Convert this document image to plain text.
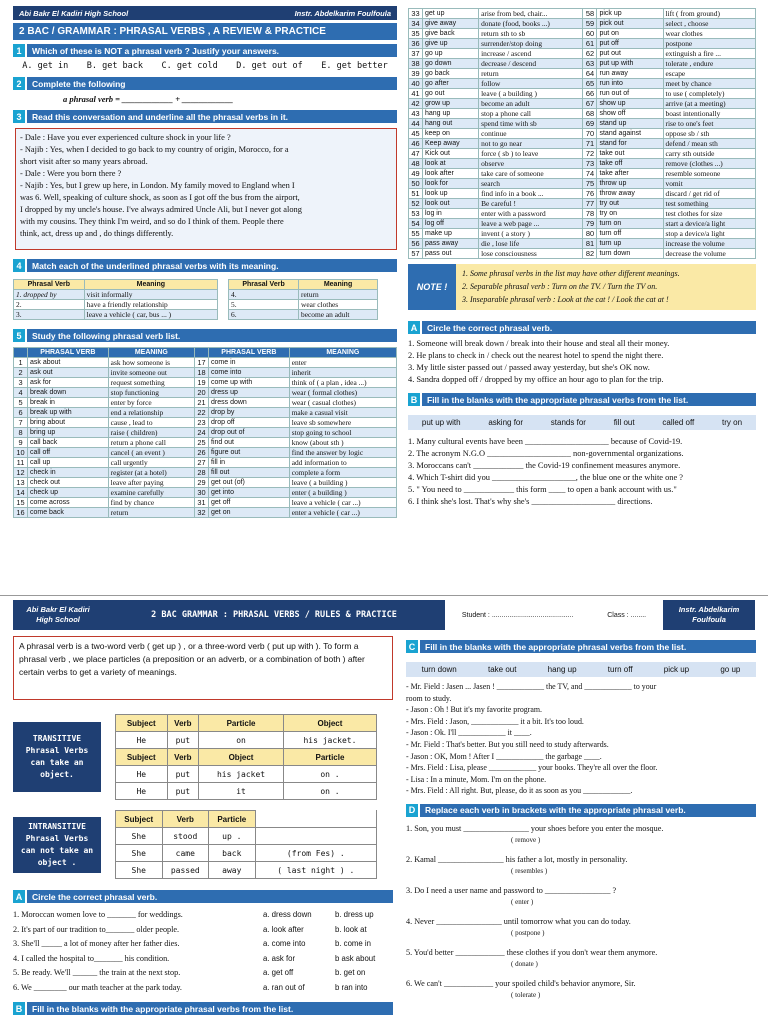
Abi Bakr El Kadiri High School	Instr. Abdelkarim Foulfoula
2 BAC / GRAMMAR : PHRASAL VERBS , A REVIEW & PRACTICE
1	Which of these is NOT a phrasal verb ? Justify your answers.
A. get in B. get back C. get cold D. get out of E. get better
2	Complete the following
a phrasal verb = ____________ + ____________
3	Read this conversation and underline all the phrasal verbs in it.
- Dale : Have you ever experienced culture shock in your life ?
- Najib : Yes, when I decided to go back to my country of origin, Morocco, for a
short visit after so many years abroad.
- Dale : Were you born there ?
- Najib : Yes, but I grew up here, in London. My family moved to England when I
was 6. Well, speaking of culture shock, as soon as I got off the bus from the airport,
I dropped by my uncle's house. I've always admired Uncle Ali, but I never got along
with my cousins. They think I'm weird, and so do I think of them. People there
think, act, dress up and , do things differently.
4	Match each of the underlined phrasal verbs with its meaning.
Phrasal Verb	Meaning
1. dropped by	visit informally
2.	have a friendly relationship
3.	leave a vehicle ( car, bus ... )
Phrasal Verb	Meaning
4.	return
5.	wear clothes
6.	become an adult
5	Study the following phrasal verb list.
	PHRASAL VERB	MEANING		PHRASAL VERB	MEANING
1	ask about	ask how someone is	17	come in	enter
2	ask out	invite someone out	18	come into	inherit
3	ask for	request something	19	come up with	think of ( a plan , idea ...)
4	break down	stop functioning	20	dress up	wear ( formal clothes)
5	break in	enter by force	21	dress down	wear ( casual clothes)
6	break up with	end a relationship	22	drop by	make a casual visit
7	bring about	cause , lead to	23	drop off	leave sb somewhere
8	bring up	raise ( children)	24	drop out of	stop going to school
9	call back	return a phone call	25	find out	know (about sth )
10	call off	cancel ( an event )	26	figure out	find the answer by logic
11	call up	call urgently	27	fill in	add information to
12	check in	register (at a hotel)	28	fill out	complete a form
13	check out	leave after paying	29	get out (of)	leave ( a building )
14	check up	examine carefully	30	get into	enter ( a building )
15	come across	find by chance	31	get off	leave a vehicle ( car ...)
16	come back	return	32	get on	enter a vehicle ( car ...)
33	get up	arise from bed, chair...	58	pick up	lift ( from ground)
34	give away	donate (food, books ...)	59	pick out	select , choose
35	give back	return sth to sb	60	put on	wear clothes
36	give up	surrender/stop doing	61	put off	postpone
37	go up	increase / ascend	62	put out	extinguish a fire ...
38	go down	decrease / descend	63	put up with	tolerate , endure
39	go back	return	64	run away	escape
40	go after	follow	65	run into	meet by chance
41	go out	leave ( a building )	66	run out of	to use ( completely)
42	grow up	become an adult	67	show up	arrive (at a meeting)
43	hang up	stop a phone call	68	show off	boast intentionally
44	hang out	spend time with sb	69	stand up	rise to one's feet
45	keep on	continue	70	stand against	oppose sb / sth
46	Keep away	not to go near	71	stand for	defend / mean sth
47	Kick out	force ( sb ) to leave	72	take out	carry sth outside
48	look at	observe	73	take off	remove (clothes ...)
49	look after	take care of someone	74	take after	resemble someone
50	look for	search	75	throw up	vomit
51	look up	find info in a book ...	76	throw away	discard / get rid of
52	look out	Be careful !	77	try out	test something
53	log in	enter with a password	78	try on	test clothes for size
54	log off	leave a web page ...	79	turn on	start a device/a light
55	make up	invent ( a story )	80	turn off	stop a device/a light
56	pass away	die , lose life	81	turn up	increase the volume
57	pass out	lose consciousness	82	turn down	decrease the volume
NOTE !
1. Some phrasal verbs in the list may have other different meanings.
2. Separable phrasal verb : Turn on the TV. / Turn the TV on.
3. Inseparable phrasal verb : Look at the cat ! / Look the cat at !
A	Circle the correct phrasal verb.
1. Someone will break down / break into their house and steal all their money.
2. He plans to check in / check out the nearest hotel to spend the night there.
3. My little sister passed out / passed away yesterday, but she's OK now.
4. Sandra dopped off / dropped by my office an hour ago to plan for the trip.
B	Fill in the blanks with the appropriate phrasal verbs from the list.
put up with	asking for	stands for	fill out	called off	try on
1. Many cultural events have been ____________________ because of Covid-19.
2. The acronym N.G.O ____________________ non-governmental organizations.
3. Moroccans can't ____________ the Covid-19 confinement measures anymore.
4. Which T-shirt did you ____________________, the blue one or the white one ?
5. " You need to ____________ this form ____ to open a bank account with us."
6. I think she's lost. That's why she's ____________________ directions.
Abi Bakr El Kadiri High School	2 BAC GRAMMAR : PHRASAL VERBS / RULES & PRACTICE	Student : ..........................................	Class : ........
Instr. Abdelkarim Foulfoula
A phrasal verb is a two-word verb ( get up ) , or a three-word verb ( put up with ). To form a phrasal verb , we place particles (a preposition or an adverb, or a combination of both ) after certain verbs to get a variety of meanings.
TRANSITIVE Phrasal Verbs can take an object.
Subject	Verb	Particle	Object
He	put	on	his jacket.
Subject	Verb	Object	Particle
He	put	his jacket	on .
He	put	it	on .
INTRANSITIVE Phrasal Verbs can not take an object .
Subject	Verb	Particle	
She	stood	up .	
She	came	back	(from Fes) .
She	passed	away	( last night ) .
A	Circle the correct phrasal verb.
1. Moroccan women love to _______ for weddings.	a. dress down	b. dress up
2. It's part of our tradition to_______ older people.	a. look after	b. look at
3. She'll _____ a lot of money after her father dies.	a. come into	b. come in
4. I called the hospital to_______ his condition.	a. ask for	b ask about
5. Be ready. We'll ______ the train at the next stop.	a. get off	b. get on
6. We ________ our math teacher at the park today.	a. ran out of	b ran into
B	Fill in the blanks with the appropriate phrasal verbs from the list.
C	Fill in the blanks with the appropriate phrasal verbs from the list.
turn down	take out	hang up	turn off	pick up	go up
- Mr. Field : Jasen ... Jasen ! ____________ the TV, and ____________ to your
room to study.
- Jason : Oh ! But it's my favorite program.
- Mrs. Field : Jason, ____________ it a bit. It's too loud.
- Jason : Ok. I'll ____________ it ____.
- Mr. Field : That's better. But you still need to study afterwards.
- Jason : OK, Mom ! After I ____________ the garbage ____.
- Mrs. Field : Lisa, please ____________ your books. They're all over the floor.
- Lisa : In a minute, Mom. I'm on the phone.
- Mrs. Field : All right. But, please, do it as soon as you ____________.
D	Replace each verb in brackets with the appropriate phrasal verb.
1. Son, you must ________________ your shoes before you enter the mosque.
( remove )
2. Kamal ________________ his father a lot, mostly in personality.
( resembles )
3. Do I need a user name and password to ________________ ?
( enter )
4. Never ________________ until tomorrow what you can do today.
( postpone )
5. You'd better ____________ these clothes if you don't wear them anymore.
( donate )
6. We can't ____________ your spoiled child's behavior anymore, Sir.
( tolerate )
